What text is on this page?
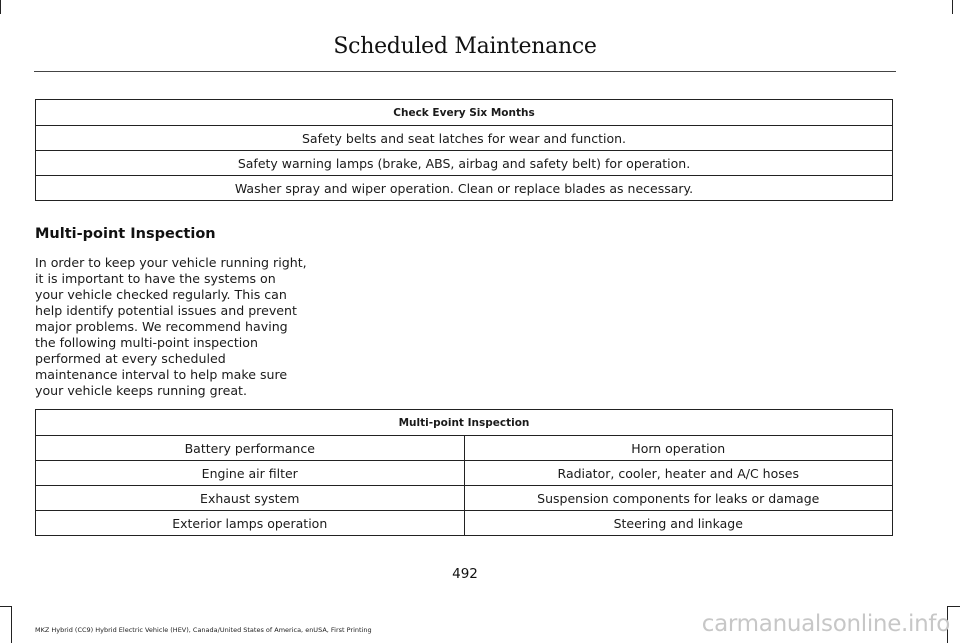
Scheduled Maintenance
Check Every Six Months
Safety belts and seat latches for wear and function.
Safety warning lamps (brake, ABS, airbag and safety belt) for operation.
Washer spray and wiper operation. Clean or replace blades as necessary.
Multi-point Inspection
In order to keep your vehicle running right, it is important to have the systems on your vehicle checked regularly. This can help identify potential issues and prevent major problems. We recommend having the following multi-point inspection performed at every scheduled maintenance interval to help make sure your vehicle keeps running great.
Multi-point Inspection	
Battery performance	Horn operation
Engine air filter	Radiator, cooler, heater and A/C hoses
Exhaust system	Suspension components for leaks or damage
Exterior lamps operation	Steering and linkage
492
MKZ Hybrid (CC9) Hybrid Electric Vehicle (HEV), Canada/United States of America, enUSA, First Printing	carmanualsonline.info
